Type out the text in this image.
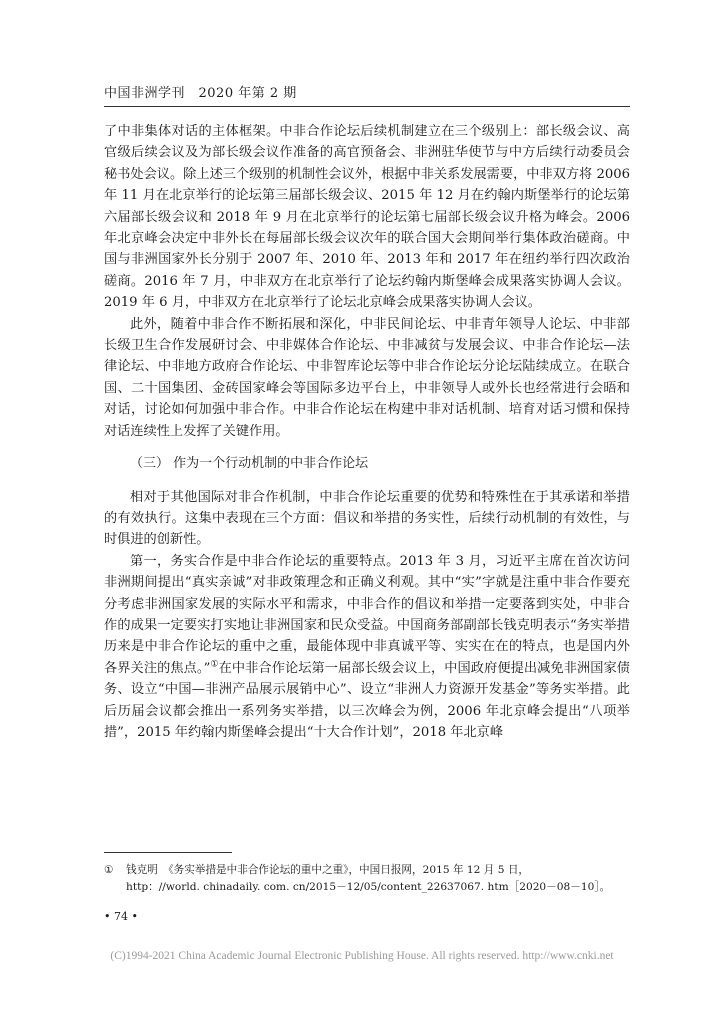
中国非洲学刊　2020 年第 2 期

了中非集体对话的主体框架。中非合作论坛后续机制建立在三个级别上：部长级会议、高官级后续会议及为部长级会议作准备的高官预备会、非洲驻华使节与中方后续行动委员会秘书处会议。除上述三个级别的机制性会议外，根据中非关系发展需要，中非双方将 2006 年 11 月在北京举行的论坛第三届部长级会议、2015 年 12 月在约翰内斯堡举行的论坛第六届部长级会议和 2018 年 9 月在北京举行的论坛第七届部长级会议升格为峰会。2006 年北京峰会决定中非外长在每届部长级会议次年的联合国大会期间举行集体政治磋商。中国与非洲国家外长分别于 2007 年、2010 年、2013 年和 2017 年在纽约举行四次政治磋商。2016 年 7 月，中非双方在北京举行了论坛约翰内斯堡峰会成果落实协调人会议。2019 年 6 月，中非双方在北京举行了论坛北京峰会成果落实协调人会议。

此外，随着中非合作不断拓展和深化，中非民间论坛、中非青年领导人论坛、中非部长级卫生合作发展研讨会、中非媒体合作论坛、中非减贫与发展会议、中非合作论坛—法律论坛、中非地方政府合作论坛、中非智库论坛等中非合作论坛分论坛陆续成立。在联合国、二十国集团、金砖国家峰会等国际多边平台上，中非领导人或外长也经常进行会晤和对话，讨论如何加强中非合作。中非合作论坛在构建中非对话机制、培育对话习惯和保持对话连续性上发挥了关键作用。

（三） 作为一个行动机制的中非合作论坛

相对于其他国际对非合作机制，中非合作论坛重要的优势和特殊性在于其承诺和举措的有效执行。这集中表现在三个方面：倡议和举措的务实性，后续行动机制的有效性，与时俱进的创新性。

第一，务实合作是中非合作论坛的重要特点。2013 年 3 月，习近平主席在首次访问非洲期间提出“真实亲诚”对非政策理念和正确义利观。其中“实”字就是注重中非合作要充分考虑非洲国家发展的实际水平和需求，中非合作的倡议和举措一定要落到实处，中非合作的成果一定要实打实地让非洲国家和民众受益。中国商务部副部长钱克明表示“务实举措历来是中非合作论坛的重中之重，最能体现中非真诚平等、实实在在的特点，也是国内外各界关注的焦点。”①在中非合作论坛第一届部长级会议上，中国政府便提出减免非洲国家债务、设立“中国—非洲产品展示展销中心”、设立“非洲人力资源开发基金”等务实举措。此后历届会议都会推出一系列务实举措，以三次峰会为例，2006 年北京峰会提出“八项举措”，2015 年约翰内斯堡峰会提出“十大合作计划”，2018 年北京峰

① 钱克明　《务实举措是中非合作论坛的重中之重》，中国日报网，2015 年 12 月 5 日，
http：//world. chinadaily. com. cn/2015－12/05/content_22637067. htm［2020－08－10］。
• 74 •
(C)1994-2021 China Academic Journal Electronic Publishing House. All rights reserved. http://www.cnki.net
